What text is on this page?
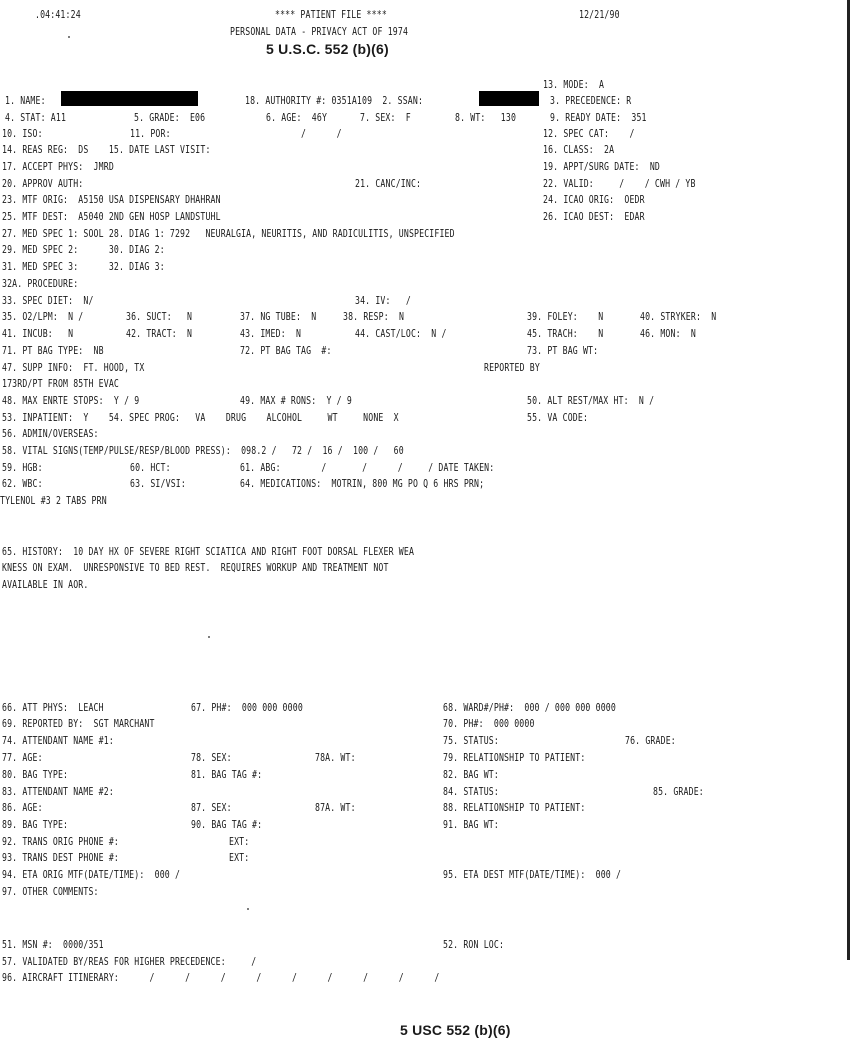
.04:41:24	**** PATIENT FILE ****	12/21/90
PERSONAL DATA - PRIVACY ACT OF 1974
5 U.S.C. 552 (b)(6)
13. MODE:  A
1. NAME:	18. AUTHORITY #: 0351A109  2. SSAN:	3. PRECEDENCE: R
4. STAT: A11	5. GRADE:  E06	6. AGE:  46Y	7. SEX:  F	8. WT:   130	9. READY DATE:  351
10. ISO:	11. POR:	/      /	12. SPEC CAT:    /
14. REAS REG:  DS    15. DATE LAST VISIT:	16. CLASS:  2A
17. ACCEPT PHYS:  JMRD	19. APPT/SURG DATE:  ND
20. APPROV AUTH:	21. CANC/INC:	22. VALID:     /    / CWH / YB
23. MTF ORIG:  A5150 USA DISPENSARY DHAHRAN	24. ICAO ORIG:  OEDR
25. MTF DEST:  A5040 2ND GEN HOSP LANDSTUHL	26. ICAO DEST:  EDAR
27. MED SPEC 1: SOOL 28. DIAG 1: 7292   NEURALGIA, NEURITIS, AND RADICULITIS, UNSPECIFIED
29. MED SPEC 2:      30. DIAG 2:
31. MED SPEC 3:      32. DIAG 3:
32A. PROCEDURE:
33. SPEC DIET:  N/	34. IV:   /
35. O2/LPM:  N /	36. SUCT:   N	37. NG TUBE:  N	38. RESP:  N	39. FOLEY:    N	40. STRYKER:  N
41. INCUB:   N	42. TRACT:  N	43. IMED:  N	44. CAST/LOC:  N /	45. TRACH:    N	46. MON:  N
71. PT BAG TYPE:  NB	72. PT BAG TAG  #:	73. PT BAG WT:
47. SUPP INFO:  FT. HOOD, TX	REPORTED BY
173RD/PT FROM 85TH EVAC
48. MAX ENRTE STOPS:  Y / 9	49. MAX # RONS:  Y / 9	50. ALT REST/MAX HT:  N /
53. INPATIENT:  Y    54. SPEC PROG:   VA    DRUG    ALCOHOL     WT     NONE  X	55. VA CODE:
56. ADMIN/OVERSEAS:
58. VITAL SIGNS(TEMP/PULSE/RESP/BLOOD PRESS):  098.2 /   72 /  16 /  100 /   60
59. HGB:	60. HCT:	61. ABG:        /       /      /     / DATE TAKEN:
62. WBC:	63. SI/VSI:	64. MEDICATIONS:  MOTRIN, 800 MG PO Q 6 HRS PRN;
TYLENOL #3 2 TABS PRN
65. HISTORY:  10 DAY HX OF SEVERE RIGHT SCIATICA AND RIGHT FOOT DORSAL FLEXER WEA
KNESS ON EXAM.  UNRESPONSIVE TO BED REST.  REQUIRES WORKUP AND TREATMENT NOT
AVAILABLE IN AOR.
66. ATT PHYS:  LEACH	67. PH#:  000 000 0000	68. WARD#/PH#:  000 / 000 000 0000
69. REPORTED BY:  SGT MARCHANT	70. PH#:  000 0000
74. ATTENDANT NAME #1:	75. STATUS:	76. GRADE:
77. AGE:	78. SEX:	78A. WT:	79. RELATIONSHIP TO PATIENT:
80. BAG TYPE:	81. BAG TAG #:	82. BAG WT:
83. ATTENDANT NAME #2:	84. STATUS:	85. GRADE:
86. AGE:	87. SEX:	87A. WT:	88. RELATIONSHIP TO PATIENT:
89. BAG TYPE:	90. BAG TAG #:	91. BAG WT:
92. TRANS ORIG PHONE #:	EXT:
93. TRANS DEST PHONE #:	EXT:
94. ETA ORIG MTF(DATE/TIME):  000 /	95. ETA DEST MTF(DATE/TIME):  000 /
97. OTHER COMMENTS:
51. MSN #:  0000/351	52. RON LOC:
57. VALIDATED BY/REAS FOR HIGHER PRECEDENCE:     /
96. AIRCRAFT ITINERARY:      /      /      /      /      /      /      /      /      /
5 USC 552 (b)(6)
